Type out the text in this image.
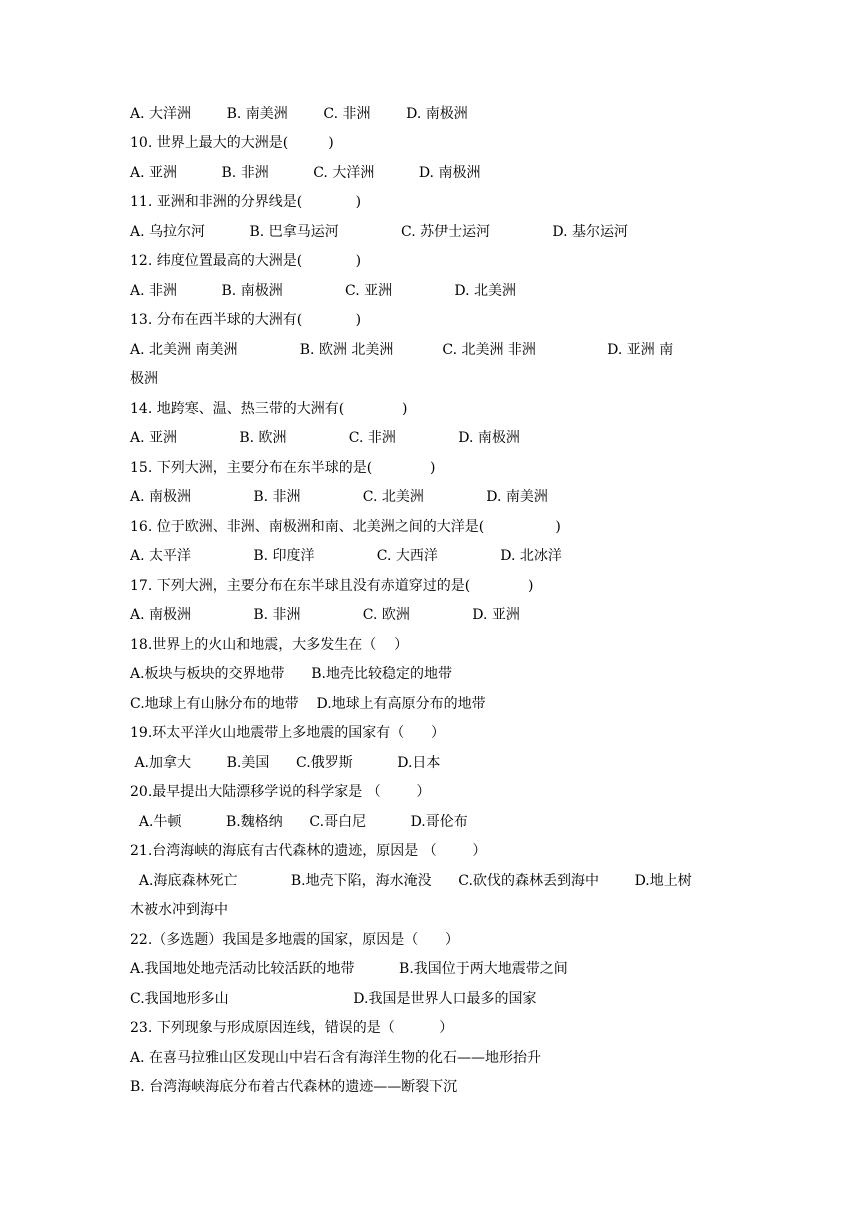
A. 大洋洲        B. 南美洲        C. 非洲        D. 南极洲
10. 世界上最大的大洲是(         )
A. 亚洲          B. 非洲          C. 大洋洲          D. 南极洲
11. 亚洲和非洲的分界线是(            )
A. 乌拉尔河          B. 巴拿马运河              C. 苏伊士运河              D. 基尔运河
12. 纬度位置最高的大洲是(            )
A. 非洲          B. 南极洲              C. 亚洲              D. 北美洲
13. 分布在西半球的大洲有(            )
A. 北美洲 南美洲              B. 欧洲 北美洲           C. 北美洲 非洲                D. 亚洲 南
极洲
14. 地跨寒、温、热三带的大洲有(             )
A. 亚洲              B. 欧洲              C. 非洲              D. 南极洲
15. 下列大洲，主要分布在东半球的是(             )
A. 南极洲              B. 非洲              C. 北美洲              D. 南美洲
16. 位于欧洲、非洲、南极洲和南、北美洲之间的大洋是(                )
A. 太平洋              B. 印度洋              C. 大西洋              D. 北冰洋
17. 下列大洲，主要分布在东半球且没有赤道穿过的是(             )
A. 南极洲              B. 非洲              C. 欧洲              D. 亚洲
18.世界上的火山和地震，大多发生在（    ）
A.板块与板块的交界地带      B.地壳比较稳定的地带
C.地球上有山脉分布的地带    D.地球上有高原分布的地带
19.环太平洋火山地震带上多地震的国家有（      ）
A.加拿大        B.美国      C.俄罗斯          D.日本
20.最早提出大陆漂移学说的科学家是 （        ）
A.牛顿          B.魏格纳      C.哥白尼          D.哥伦布
21.台湾海峡的海底有古代森林的遗迹，原因是 （        ）
A.海底森林死亡            B.地壳下陷，海水淹没      C.砍伐的森林丢到海中        D.地上树
木被水冲到海中
22.（多选题）我国是多地震的国家，原因是（      ）
A.我国地处地壳活动比较活跃的地带          B.我国位于两大地震带之间
C.我国地形多山                            D.我国是世界人口最多的国家
23. 下列现象与形成原因连线，错误的是（          ）
A. 在喜马拉雅山区发现山中岩石含有海洋生物的化石——地形抬升
B. 台湾海峡海底分布着古代森林的遗迹——断裂下沉
